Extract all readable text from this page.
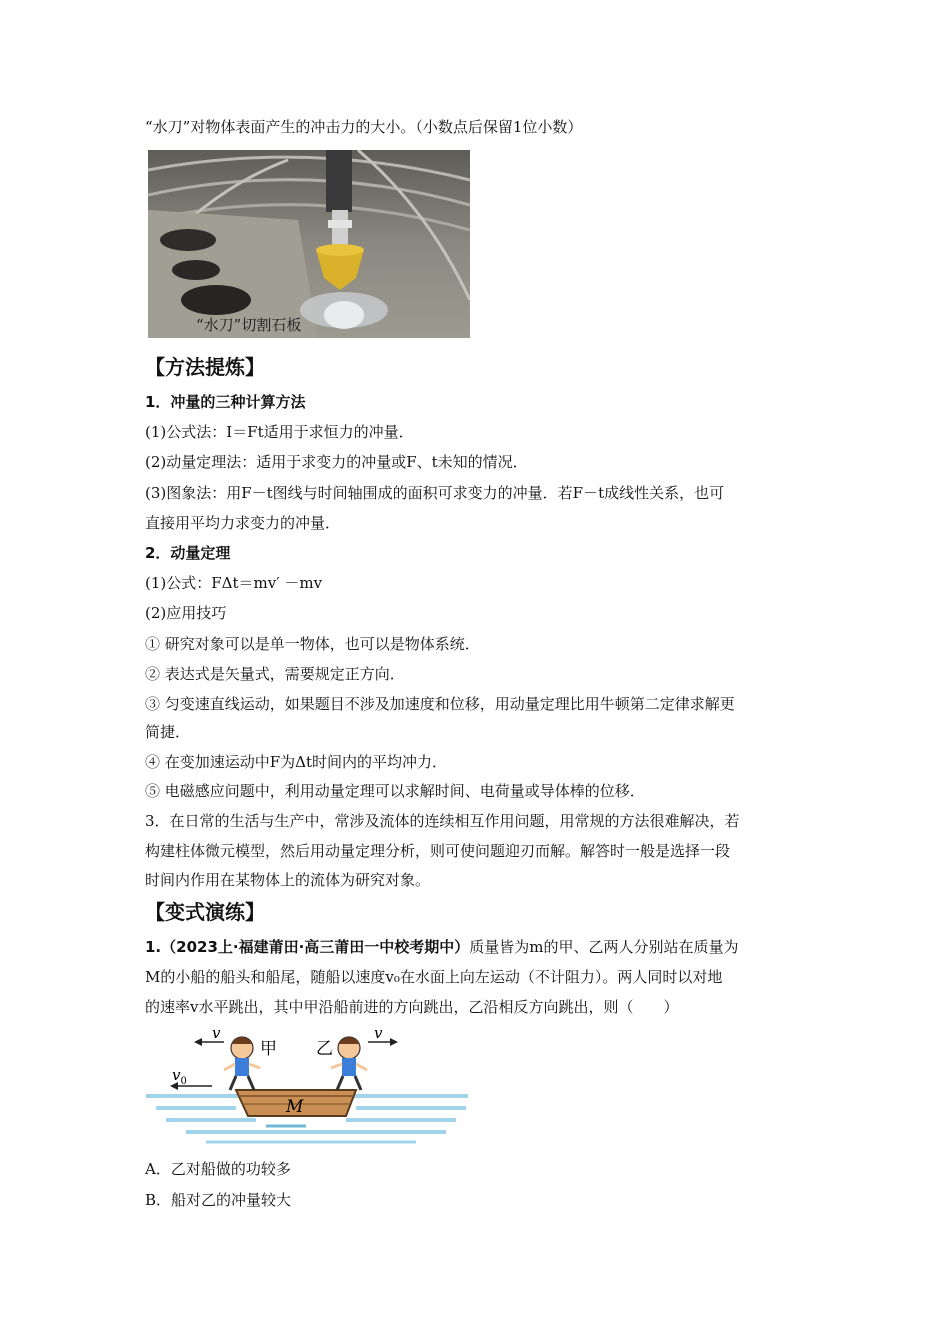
“水刀”对物体表面产生的冲击力的大小。（小数点后保留1位小数）
“水刀”切割石板
【方法提炼】
1．冲量的三种计算方法
(1)公式法：I＝Ft适用于求恒力的冲量．
(2)动量定理法：适用于求变力的冲量或F、t未知的情况．
(3)图象法：用F－t图线与时间轴围成的面积可求变力的冲量．若F－t成线性关系，也可
直接用平均力求变力的冲量．
2．动量定理
(1)公式：FΔt＝mv′ －mv
(2)应用技巧
① 研究对象可以是单一物体，也可以是物体系统．
② 表达式是矢量式，需要规定正方向．
③ 匀变速直线运动，如果题目不涉及加速度和位移，用动量定理比用牛顿第二定律求解更
简捷．
④ 在变加速运动中F为Δt时间内的平均冲力．
⑤ 电磁感应问题中，利用动量定理可以求解时间、电荷量或导体棒的位移．
3．在日常的生活与生产中，常涉及流体的连续相互作用问题，用常规的方法很难解决，若
构建柱体微元模型，然后用动量定理分析，则可使问题迎刃而解。解答时一般是选择一段
时间内作用在某物体上的流体为研究对象。
【变式演练】
1.（2023上·福建莆田·高三莆田一中校考期中）质量皆为m的甲、乙两人分别站在质量为
M的小船的船头和船尾，随船以速度v₀在水面上向左运动（不计阻力）。两人同时以对地
的速率v水平跳出，其中甲沿船前进的方向跳出，乙沿相反方向跳出，则（　　）
v	v
$v_0$
甲 乙
M
A．乙对船做的功较多
B．船对乙的冲量较大
